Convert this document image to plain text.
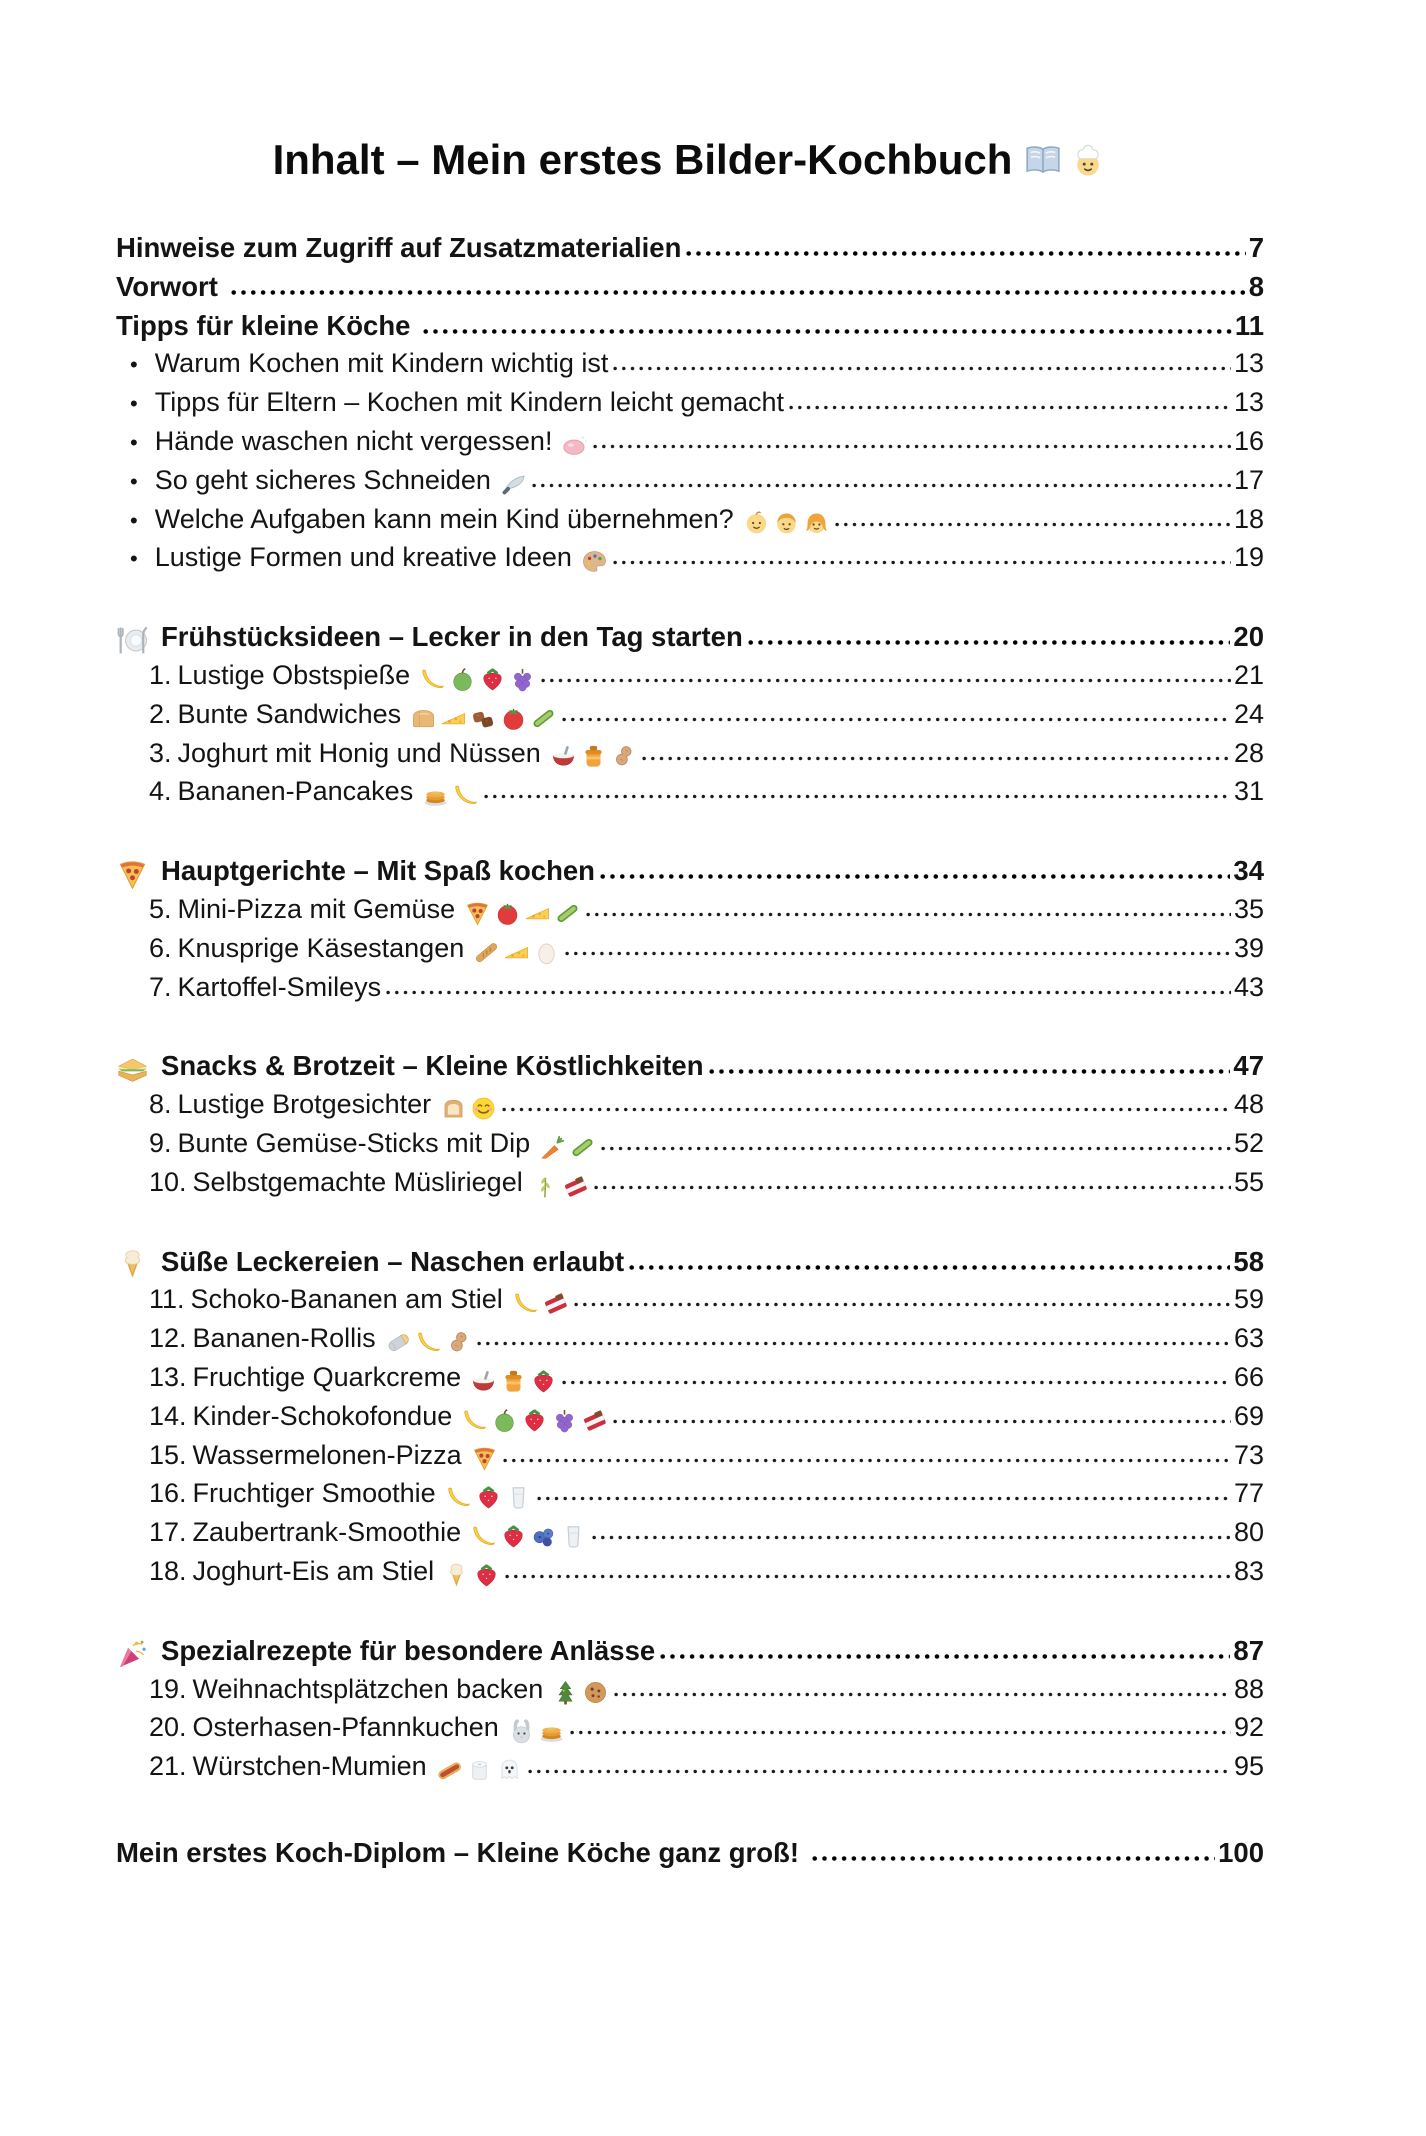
Inhalt – Mein erstes Bilder-Kochbuch
Hinweise zum Zugriff auf Zusatzmaterialien	7
Vorwort	8
Tipps für kleine Köche	11
• Warum Kochen mit Kindern wichtig ist	13
• Tipps für Eltern – Kochen mit Kindern leicht gemacht	13
• Hände waschen nicht vergessen!	16
• So geht sicheres Schneiden	17
• Welche Aufgaben kann mein Kind übernehmen?	18
• Lustige Formen und kreative Ideen	19
Frühstücksideen – Lecker in den Tag starten	20
1. Lustige Obstspieße	21
2. Bunte Sandwiches	24
3. Joghurt mit Honig und Nüssen	28
4. Bananen-Pancakes	31
Hauptgerichte – Mit Spaß kochen	34
5. Mini-Pizza mit Gemüse	35
6. Knusprige Käsestangen	39
7. Kartoffel-Smileys	43
Snacks & Brotzeit – Kleine Köstlichkeiten	47
8. Lustige Brotgesichter	48
9. Bunte Gemüse-Sticks mit Dip	52
10. Selbstgemachte Müsliriegel	55
Süße Leckereien – Naschen erlaubt	58
11. Schoko-Bananen am Stiel	59
12. Bananen-Rollis	63
13. Fruchtige Quarkcreme	66
14. Kinder-Schokofondue	69
15. Wassermelonen-Pizza	73
16. Fruchtiger Smoothie	77
17. Zaubertrank-Smoothie	80
18. Joghurt-Eis am Stiel	83
Spezialrezepte für besondere Anlässe	87
19. Weihnachtsplätzchen backen	88
20. Osterhasen-Pfannkuchen	92
21. Würstchen-Mumien	95
Mein erstes Koch-Diplom – Kleine Köche ganz groß!	100
